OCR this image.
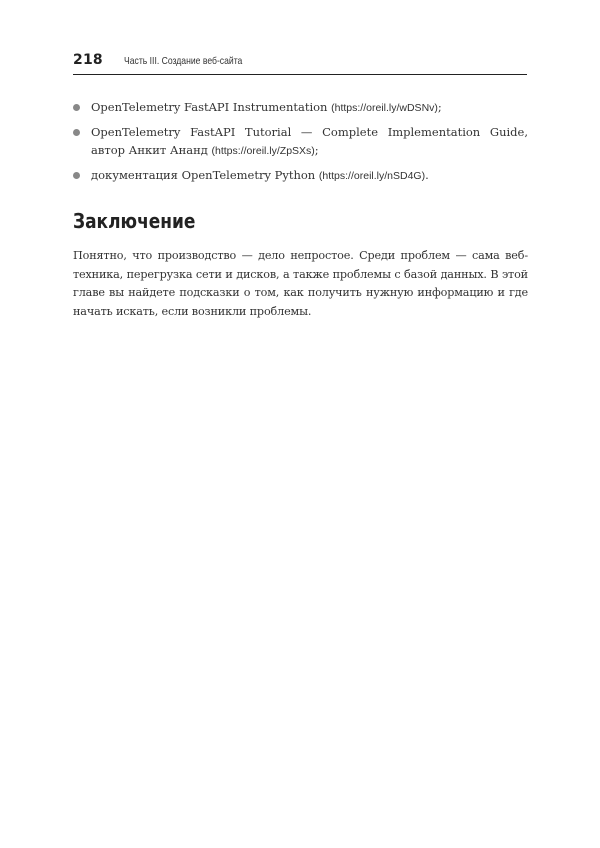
218 Часть III. Создание веб-сайта
OpenTelemetry FastAPI Instrumentation (https://oreil.ly/wDSNv);
OpenTelemetry FastAPI Tutorial — Complete Implementation Guide, автор Анкит Ананд (https://oreil.ly/ZpSXs);
документация OpenTelemetry Python (https://oreil.ly/nSD4G).
Заключение

Понятно, что производство — дело непростое. Среди проблем — сама веб-техника, перегрузка сети и дисков, а также проблемы с базой данных. В этой главе вы найдете подсказки о том, как получить нужную информацию и где начать искать, если возникли проблемы.
